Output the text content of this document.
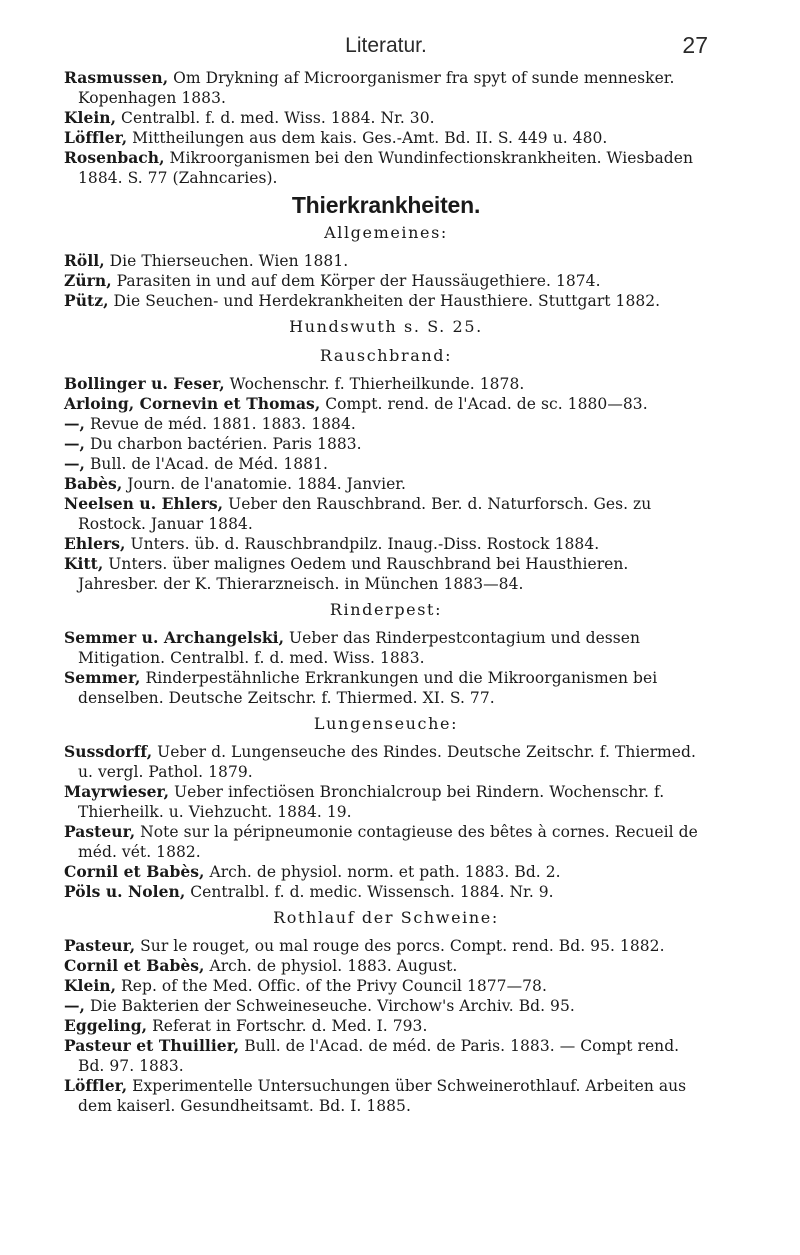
Literatur.	27

Rasmussen, Om Drykning af Microorganismer fra spyt of sunde mennesker. Kopenhagen 1883.

Klein, Centralbl. f. d. med. Wiss. 1884. Nr. 30.

Löffler, Mittheilungen aus dem kais. Ges.-Amt. Bd. II. S. 449 u. 480.

Rosenbach, Mikroorganismen bei den Wundinfectionskrankheiten. Wiesbaden 1884. S. 77 (Zahncaries).

Thierkrankheiten.
Allgemeines:

Röll, Die Thierseuchen. Wien 1881.

Zürn, Parasiten in und auf dem Körper der Haussäugethiere. 1874.

Pütz, Die Seuchen- und Herdekrankheiten der Hausthiere. Stuttgart 1882.

Hundswuth s. S. 25.
Rauschbrand:

Bollinger u. Feser, Wochenschr. f. Thierheilkunde. 1878.

Arloing, Cornevin et Thomas, Compt. rend. de l'Acad. de sc. 1880—83.

—, Revue de méd. 1881. 1883. 1884.

—, Du charbon bactérien. Paris 1883.

—, Bull. de l'Acad. de Méd. 1881.

Babès, Journ. de l'anatomie. 1884. Janvier.

Neelsen u. Ehlers, Ueber den Rauschbrand. Ber. d. Naturforsch. Ges. zu Rostock. Januar 1884.

Ehlers, Unters. üb. d. Rauschbrandpilz. Inaug.-Diss. Rostock 1884.

Kitt, Unters. über malignes Oedem und Rauschbrand bei Hausthieren. Jahresber. der K. Thierarzneisch. in München 1883—84.

Rinderpest:

Semmer u. Archangelski, Ueber das Rinderpestcontagium und dessen Mitigation. Centralbl. f. d. med. Wiss. 1883.

Semmer, Rinderpestähnliche Erkrankungen und die Mikroorganismen bei denselben. Deutsche Zeitschr. f. Thiermed. XI. S. 77.

Lungenseuche:

Sussdorff, Ueber d. Lungenseuche des Rindes. Deutsche Zeitschr. f. Thiermed. u. vergl. Pathol. 1879.

Mayrwieser, Ueber infectiösen Bronchialcroup bei Rindern. Wochenschr. f. Thierheilk. u. Viehzucht. 1884. 19.

Pasteur, Note sur la péripneumonie contagieuse des bêtes à cornes. Recueil de méd. vét. 1882.

Cornil et Babès, Arch. de physiol. norm. et path. 1883. Bd. 2.

Pöls u. Nolen, Centralbl. f. d. medic. Wissensch. 1884. Nr. 9.

Rothlauf der Schweine:

Pasteur, Sur le rouget, ou mal rouge des porcs. Compt. rend. Bd. 95. 1882.

Cornil et Babès, Arch. de physiol. 1883. August.

Klein, Rep. of the Med. Offic. of the Privy Council 1877—78.

—, Die Bakterien der Schweineseuche. Virchow's Archiv. Bd. 95.

Eggeling, Referat in Fortschr. d. Med. I. 793.

Pasteur et Thuillier, Bull. de l'Acad. de méd. de Paris. 1883. — Compt rend. Bd. 97. 1883.

Löffler, Experimentelle Untersuchungen über Schweinerothlauf. Arbeiten aus dem kaiserl. Gesundheitsamt. Bd. I. 1885.
